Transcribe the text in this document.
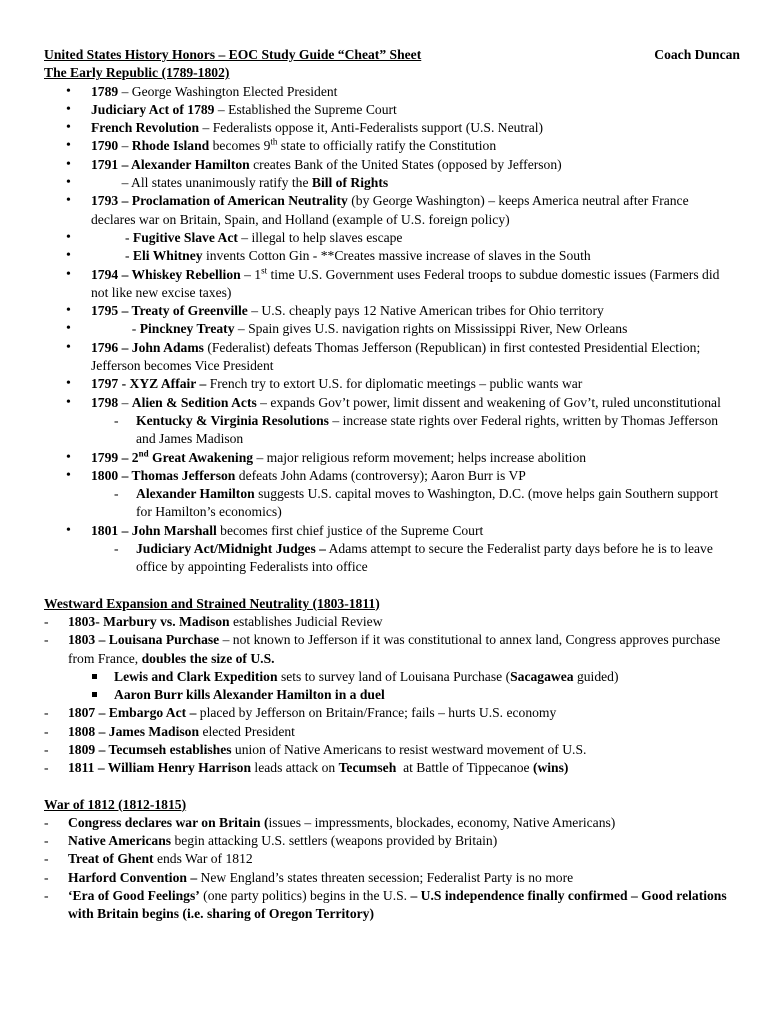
United States History Honors – EOC Study Guide “Cheat” Sheet	Coach Duncan
The Early Republic (1789-1802)
• 1789 – George Washington Elected President
• Judiciary Act of 1789 – Established the Supreme Court
• French Revolution – Federalists oppose it, Anti-Federalists support (U.S. Neutral)
• 1790 – Rhode Island becomes 9th state to officially ratify the Constitution
• 1791 – Alexander Hamilton creates Bank of the United States (opposed by Jefferson)
•          – All states unanimously ratify the Bill of Rights
• 1793 – Proclamation of American Neutrality (by George Washington) – keeps America neutral after France declares war on Britain, Spain, and Holland (example of U.S. foreign policy)
•           - Fugitive Slave Act – illegal to help slaves escape
•           - Eli Whitney invents Cotton Gin - **Creates massive increase of slaves in the South
• 1794 – Whiskey Rebellion – 1st time U.S. Government uses Federal troops to subdue domestic issues (Farmers did not like new excise taxes)
• 1795 – Treaty of Greenville – U.S. cheaply pays 12 Native American tribes for Ohio territory
•             - Pinckney Treaty – Spain gives U.S. navigation rights on Mississippi River, New Orleans
• 1796 – John Adams (Federalist) defeats Thomas Jefferson (Republican) in first contested Presidential Election; Jefferson becomes Vice President
• 1797 - XYZ Affair – French try to extort U.S. for diplomatic meetings – public wants war
• 1798 – Alien & Sedition Acts – expands Gov’t power, limit dissent and weakening of Gov’t, ruled unconstitutional
- Kentucky & Virginia Resolutions – increase state rights over Federal rights, written by Thomas Jefferson and James Madison
• 1799 – 2nd Great Awakening – major religious reform movement; helps increase abolition
• 1800 – Thomas Jefferson defeats John Adams (controversy); Aaron Burr is VP
- Alexander Hamilton suggests U.S. capital moves to Washington, D.C. (move helps gain Southern support for Hamilton’s economics)
• 1801 – John Marshall becomes first chief justice of the Supreme Court
- Judiciary Act/Midnight Judges – Adams attempt to secure the Federalist party days before he is to leave office by appointing Federalists into office
Westward Expansion and Strained Neutrality (1803-1811)
- 1803- Marbury vs. Madison establishes Judicial Review
- 1803 – Louisana Purchase – not known to Jefferson if it was constitutional to annex land, Congress approves purchase from France, doubles the size of U.S.
Lewis and Clark Expedition sets to survey land of Louisana Purchase (Sacagawea guided)
Aaron Burr kills Alexander Hamilton in a duel
- 1807 – Embargo Act – placed by Jefferson on Britain/France; fails – hurts U.S. economy
- 1808 – James Madison elected President
- 1809 – Tecumseh establishes union of Native Americans to resist westward movement of U.S.
- 1811 – William Henry Harrison leads attack on Tecumseh  at Battle of Tippecanoe (wins)
War of 1812 (1812-1815)
- Congress declares war on Britain (issues – impressments, blockades, economy, Native Americans)
- Native Americans begin attacking U.S. settlers (weapons provided by Britain)
- Treat of Ghent ends War of 1812
- Harford Convention – New England’s states threaten secession; Federalist Party is no more
- ‘Era of Good Feelings’ (one party politics) begins in the U.S. – U.S independence finally confirmed – Good relations with Britain begins (i.e. sharing of Oregon Territory)
